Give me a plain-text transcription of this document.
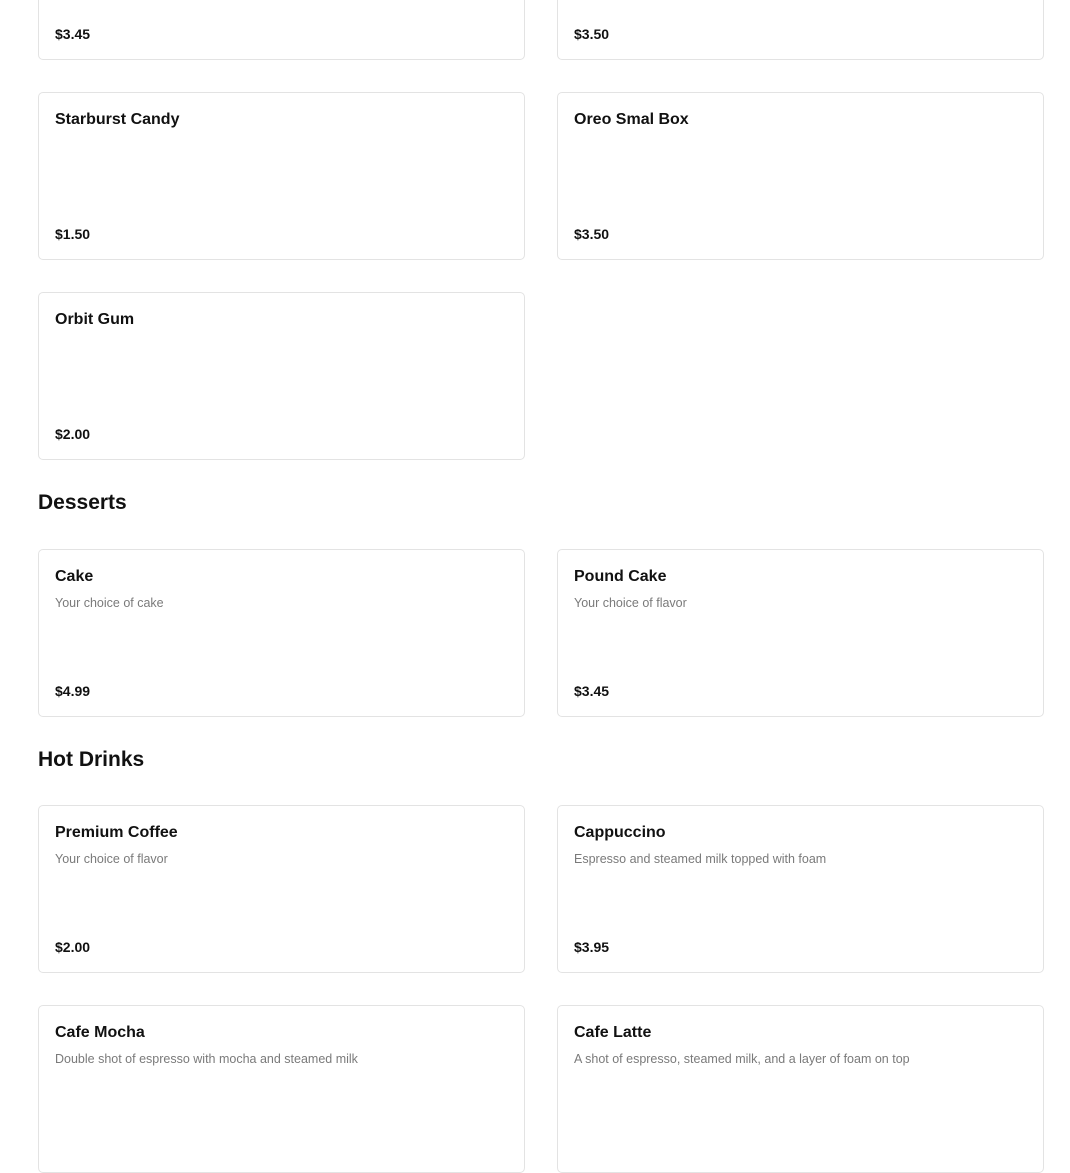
$3.45	$3.50
Starburst Candy
$1.50
Oreo Smal Box
$3.50
Orbit Gum
$2.00
Desserts
Cake
Your choice of cake
$4.99
Pound Cake
Your choice of flavor
$3.45
Hot Drinks
Premium Coffee
Your choice of flavor
$2.00
Cappuccino
Espresso and steamed milk topped with foam
$3.95
Cafe Mocha
Double shot of espresso with mocha and steamed milk
Cafe Latte
A shot of espresso, steamed milk, and a layer of foam on top
